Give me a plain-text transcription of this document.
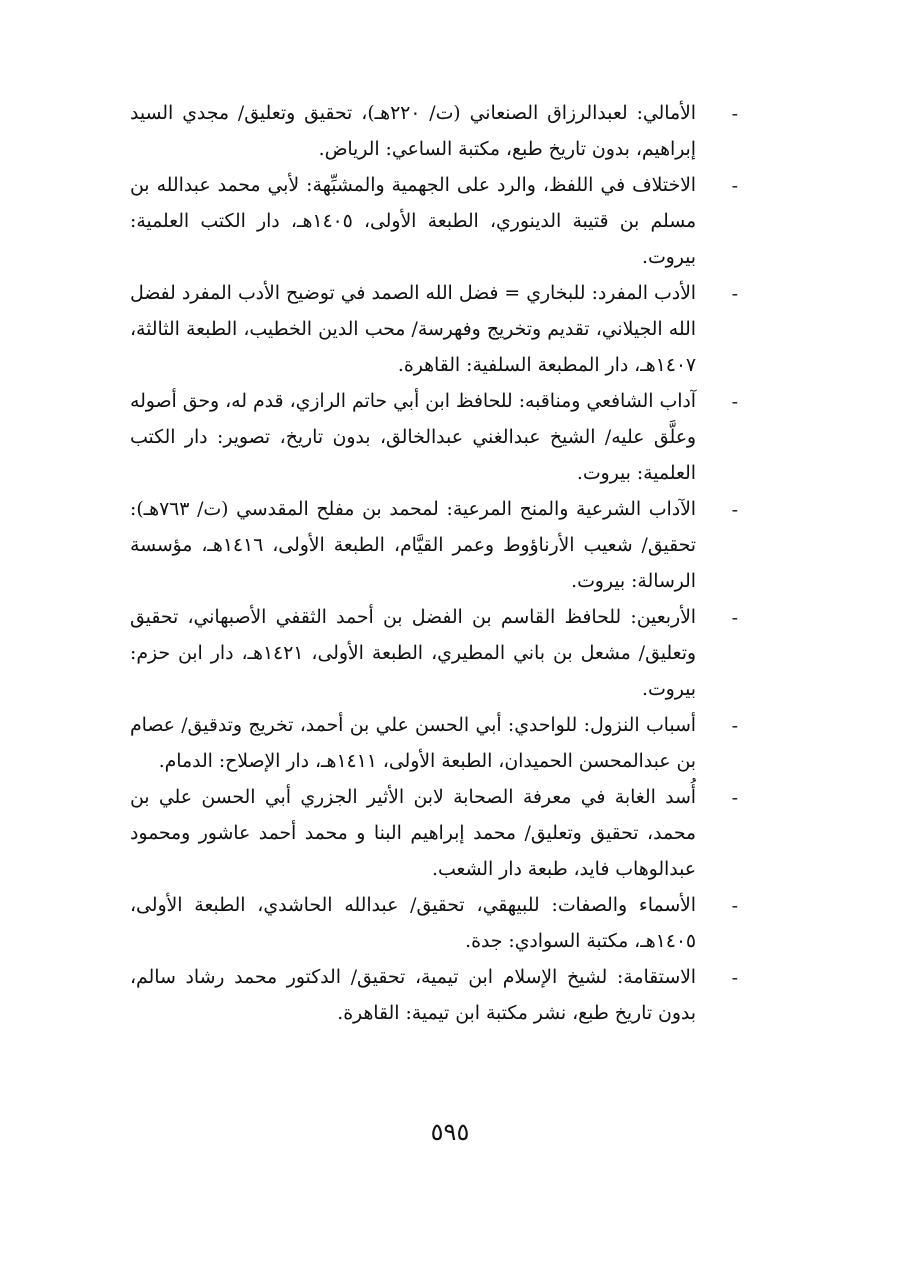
-
الأمالي: لعبدالرزاق الصنعاني (ت/ ٢٢٠هـ)، تحقيق وتعليق/ مجدي السيد إبراهيم، بدون تاريخ طبع، مكتبة الساعي: الرياض.
-
الاختلاف في اللفظ، والرد على الجهمية والمشبِّهة: لأبي محمد عبدالله بن مسلم بن قتيبة الدينوري، الطبعة الأولى، ١٤٠٥هـ، دار الكتب العلمية: بيروت.
-
الأدب المفرد: للبخاري = فضل الله الصمد في توضيح الأدب المفرد لفضل الله الجيلاني، تقديم وتخريج وفهرسة/ محب الدين الخطيب، الطبعة الثالثة، ١٤٠٧هـ، دار المطبعة السلفية: القاهرة.
-
آداب الشافعي ومناقبه: للحافظ ابن أبي حاتم الرازي، قدم له، وحق أصوله وعلَّق عليه/ الشيخ عبدالغني عبدالخالق، بدون تاريخ، تصوير: دار الكتب العلمية: بيروت.
-
الآداب الشرعية والمنح المرعية: لمحمد بن مفلح المقدسي (ت/ ٧٦٣هـ): تحقيق/ شعيب الأرناؤوط وعمر القيَّام، الطبعة الأولى، ١٤١٦هـ، مؤسسة الرسالة: بيروت.
-
الأربعين: للحافظ القاسم بن الفضل بن أحمد الثقفي الأصبهاني، تحقيق وتعليق/ مشعل بن باني المطيري، الطبعة الأولى، ١٤٢١هـ، دار ابن حزم: بيروت.
-
أسباب النزول: للواحدي: أبي الحسن علي بن أحمد، تخريج وتدقيق/ عصام بن عبدالمحسن الحميدان، الطبعة الأولى، ١٤١١هـ، دار الإصلاح: الدمام.
-
أُسد الغابة في معرفة الصحابة لابن الأثير الجزري أبي الحسن علي بن محمد، تحقيق وتعليق/ محمد إبراهيم البنا و محمد أحمد عاشور ومحمود عبدالوهاب فايد، طبعة دار الشعب.
-
الأسماء والصفات: للبيهقي، تحقيق/ عبدالله الحاشدي، الطبعة الأولى، ١٤٠٥هـ، مكتبة السوادي: جدة.
-
الاستقامة: لشيخ الإسلام ابن تيمية، تحقيق/ الدكتور محمد رشاد سالم، بدون تاريخ طبع، نشر مكتبة ابن تيمية: القاهرة.
٥٩٥
